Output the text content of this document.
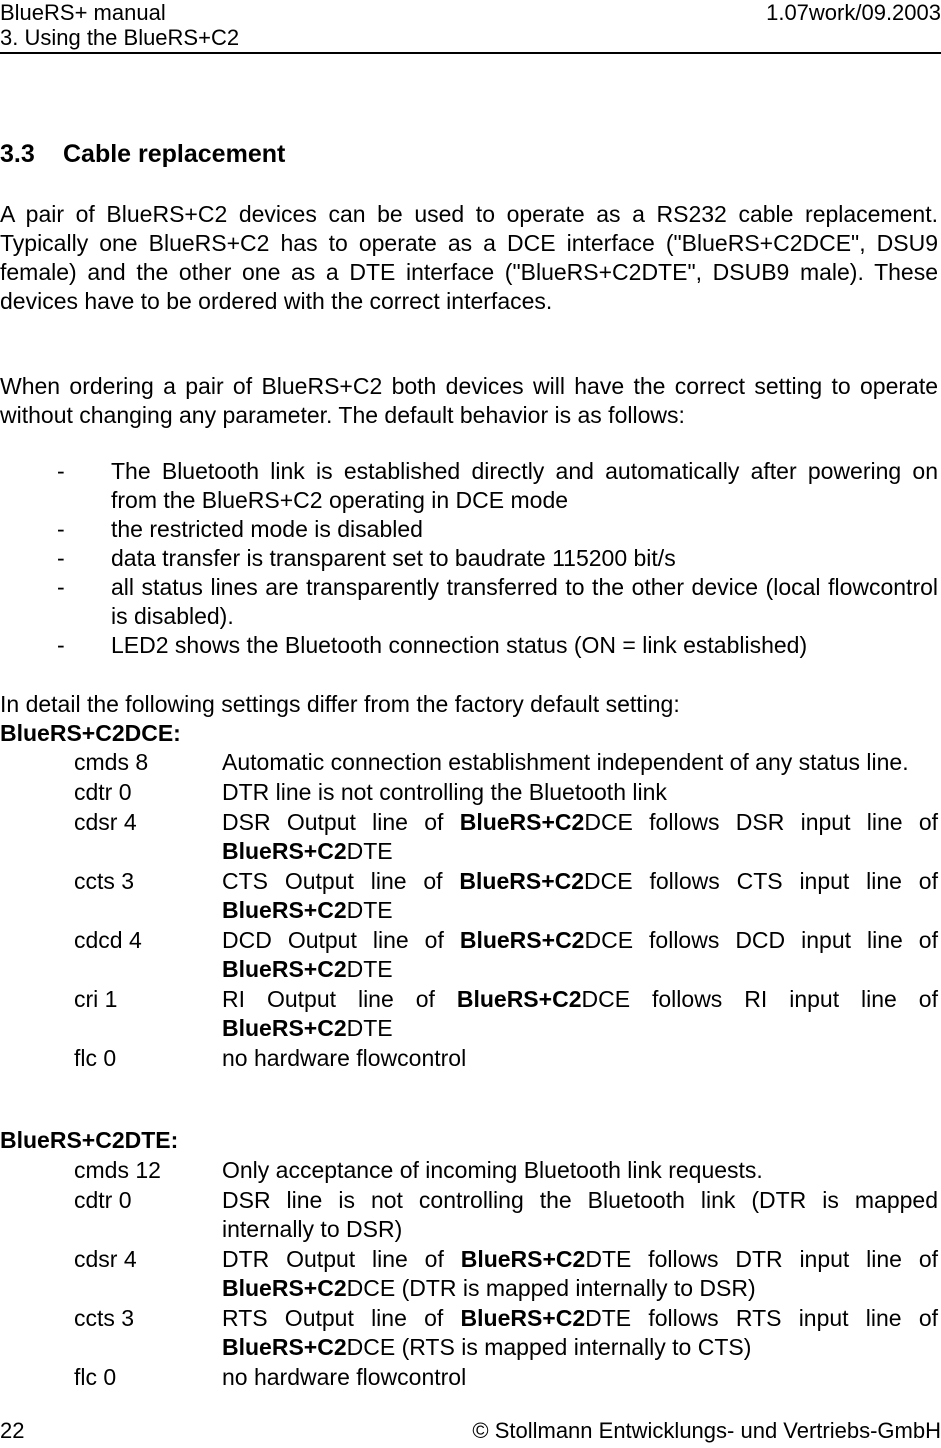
BlueRS+ manual
3. Using the BlueRS+C2
1.07work/09.2003
3.3 Cable replacement

A pair of BlueRS+C2 devices can be used to operate as a RS232 cable replacement. Typically one BlueRS+C2 has to operate as a DCE interface ("BlueRS+C2DCE", DSU9 female) and the other one as a DTE interface ("BlueRS+C2DTE", DSUB9 male). These devices have to be ordered with the correct interfaces.

When ordering a pair of BlueRS+C2 both devices will have the correct setting to operate without changing any parameter. The default behavior is as follows:

- The Bluetooth link is established directly and automatically after powering on from the BlueRS+C2 operating in DCE mode
- the restricted mode is disabled
- data transfer is transparent set to baudrate 115200 bit/s
- all status lines are transparently transferred to the other device (local flowcontrol is disabled).
- LED2 shows the Bluetooth connection status (ON = link established)
In detail the following settings differ from the factory default setting:
BlueRS+C2DCE:
cmds 8	Automatic connection establishment independent of any status line.
cdtr 0	DTR line is not controlling the Bluetooth link
cdsr 4	DSR Output line of BlueRS+C2DCE follows DSR input line of BlueRS+C2DTE
ccts 3	CTS Output line of BlueRS+C2DCE follows CTS input line of BlueRS+C2DTE
cdcd 4	DCD Output line of BlueRS+C2DCE follows DCD input line of BlueRS+C2DTE
cri 1	RI Output line of BlueRS+C2DCE follows RI input line of BlueRS+C2DTE
flc 0	no hardware flowcontrol
BlueRS+C2DTE:
cmds 12	Only acceptance of incoming Bluetooth link requests.
cdtr 0	DSR line is not controlling the Bluetooth link (DTR is mapped internally to DSR)
cdsr 4	DTR Output line of BlueRS+C2DTE follows DTR input line of BlueRS+C2DCE (DTR is mapped internally to DSR)
ccts 3	RTS Output line of BlueRS+C2DTE follows RTS input line of BlueRS+C2DCE (RTS is mapped internally to CTS)
flc 0	no hardware flowcontrol
22	© Stollmann Entwicklungs- und Vertriebs-GmbH
